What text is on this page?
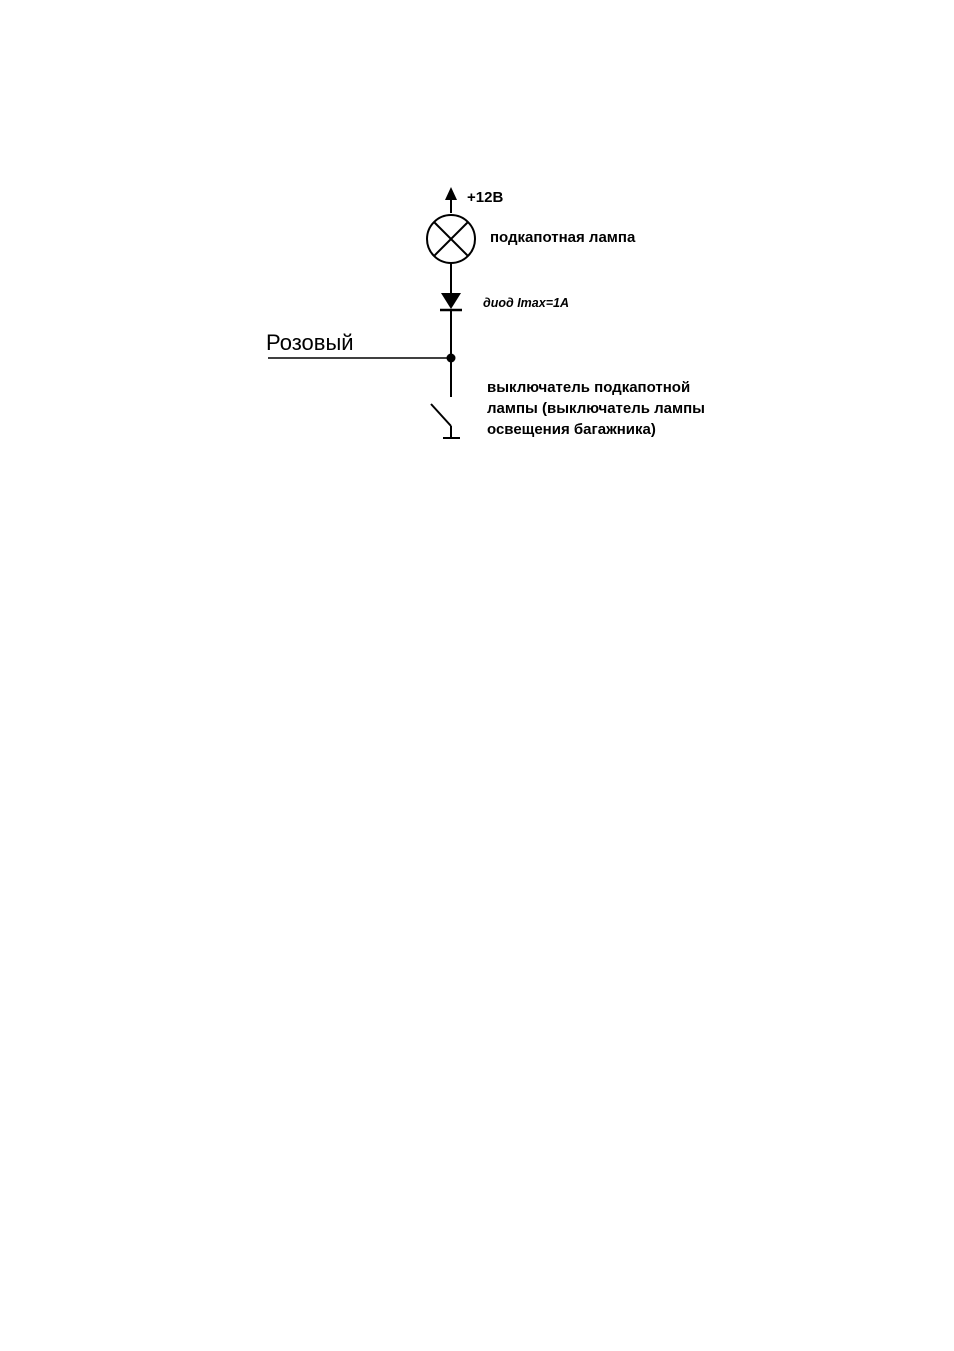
+12В
подкапотная лампа
диод Imax=1A
Розовый
выключатель подкапотной
лампы (выключатель лампы
освещения багажника)
